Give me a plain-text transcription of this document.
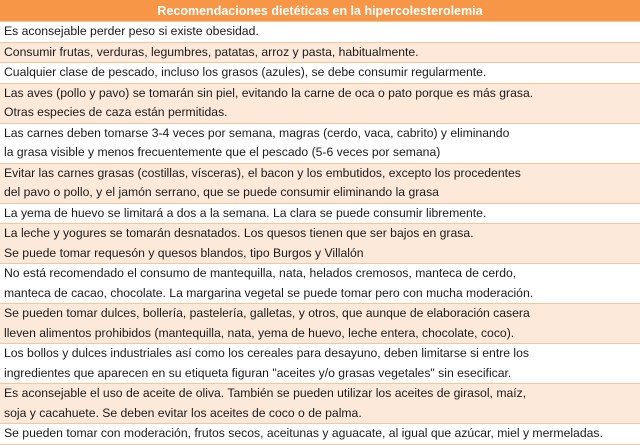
Recomendaciones dietéticas en la hipercolesterolemia
Es aconsejable perder peso si existe obesidad.
Consumir frutas, verduras, legumbres, patatas, arroz y pasta, habitualmente.
Cualquier clase de pescado, incluso los grasos (azules), se debe consumir regularmente.
Las aves (pollo y pavo) se tomarán sin piel, evitando la carne de oca o pato porque es más grasa.
Otras especies de caza están permitidas.
Las carnes deben tomarse 3-4 veces por semana, magras (cerdo, vaca, cabrito) y eliminando
la grasa visible y menos frecuentemente que el pescado (5-6 veces por semana)
Evitar las carnes grasas (costillas, vísceras), el bacon y los embutidos, excepto los procedentes
del pavo o pollo, y el jamón serrano, que se puede consumir eliminando la grasa
La yema de huevo se limitará a dos a la semana. La clara se puede consumir libremente.
La leche y yogures se tomarán desnatados. Los quesos tienen que ser bajos en grasa.
Se puede tomar requesón y quesos blandos, tipo Burgos y Villalón
No está recomendado el consumo de mantequilla, nata, helados cremosos, manteca de cerdo,
manteca de cacao, chocolate. La margarina vegetal se puede tomar pero con mucha moderación.
Se pueden tomar dulces, bollería, pastelería, galletas, y otros, que aunque de elaboración casera
lleven alimentos prohibidos (mantequilla, nata, yema de huevo, leche entera, chocolate, coco).
Los bollos y dulces industriales así como los cereales para desayuno, deben limitarse si entre los
ingredientes que aparecen en su etiqueta figuran "aceites y/o grasas vegetales" sin esecificar.
Es aconsejable el uso de aceite de oliva. También se pueden utilizar los aceites de girasol, maíz,
soja y cacahuete. Se deben evitar los aceites de coco o de palma.
Se pueden tomar con moderación, frutos secos, aceitunas y aguacate, al igual que azúcar, miel y mermeladas.
